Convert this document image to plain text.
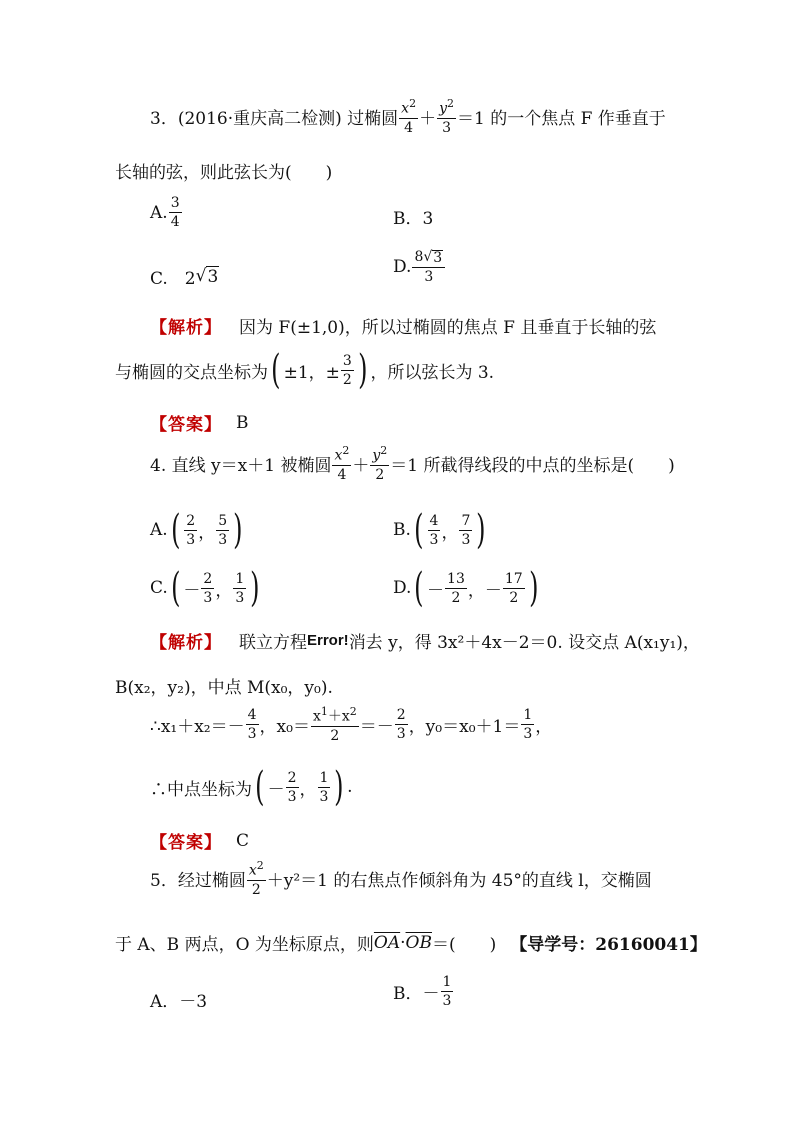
3．(2016·重庆高二检测) 过椭圆 $\frac{x^2}{4} + \frac{y^2}{3} =1$ 的一个焦点 F 作垂直于
长轴的弦，则此弦长为(　　)
A. $\frac{3}{4}$	B．3
C.　2 √ 3	D. $\frac{8√ 3}{3}$
【解析】 　因为 F(±1,0)，所以过椭圆的焦点 F 且垂直于长轴的弦
与椭圆的交点坐标为 ( ±1，± $\frac{3}{2}$ ) ，所以弦长为 3.
【答案】 B
4. 直线 y＝x＋1 被椭圆 $\frac{x^2}{4} + \frac{y^2}{2} =1$ 所截得线段的中点的坐标是(　　)
A. ( $\frac{2}{3}$ ， $\frac{5}{3}$ )	B. ( $\frac{4}{3}$ ， $\frac{7}{3}$ )
C. ( － $\frac{2}{3}$ ， $\frac{1}{3}$ )	D. ( － $\frac{13}{2}$ ， － $\frac{17}{2}$ )
【解析】 　联立方程 Error! 消去 y，得 3x²＋4x－2＝0. 设交点 A(x₁y₁)，
B(x₂，y₂)，中点 M(x₀，y₀).
∴x₁＋x₂＝－ $\frac{4}{3}$ ，$x_0= \frac{x^1+x^2}{2} =- \frac{2}{3}$ ，$y_0=x_0+1= \frac{1}{3}$ ，
∴中点坐标为 ( － $\frac{2}{3}$ ， $\frac{1}{3}$ ) .
【答案】 C
5．经过椭圆 $\frac{x^2}{2} +y^2=1$ 的右焦点作倾斜角为 45°的直线 l，交椭圆
于 A、B 两点，O 为坐标原点，则 $\overline{OA} \cdot \overline{OB}$ ＝(　　) 【导学号：26160041】
A．－3	B．－ $\frac{1}{3}$
